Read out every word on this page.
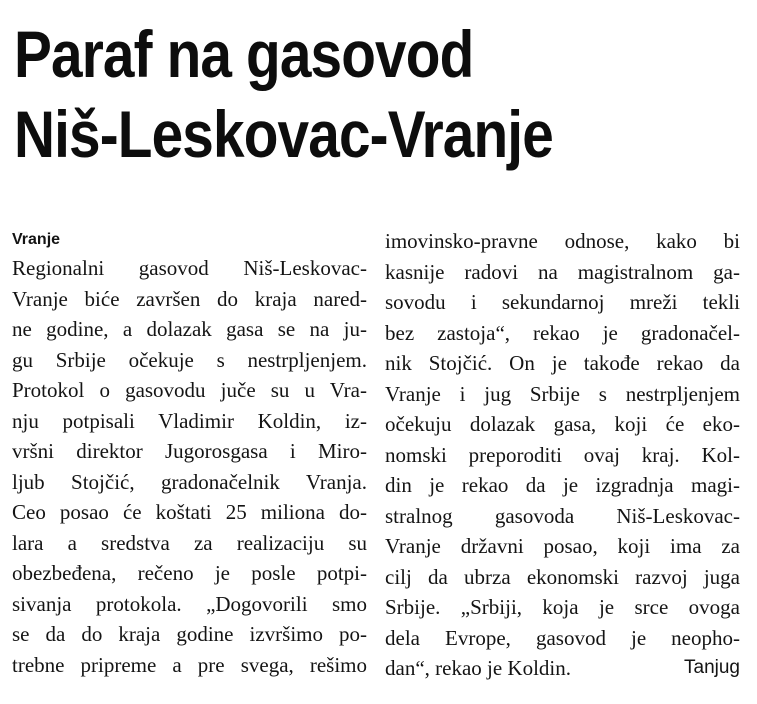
Paraf na gasovod
Niš-Leskovac-Vranje
Vranje
Regionalni gasovod Niš-Leskovac-
Vranje biće završen do kraja nared-
ne godine, a dolazak gasa se na ju-
gu Srbije očekuje s nestrpljenjem.
Protokol o gasovodu juče su u Vra-
nju potpisali Vladimir Koldin, iz-
vršni direktor Jugorosgasa i Miro-
ljub Stojčić, gradonačelnik Vranja.
Ceo posao će koštati 25 miliona do-
lara a sredstva za realizaciju su
obezbeđena, rečeno je posle potpi-
sivanja protokola. „Dogovorili smo
se da do kraja godine izvršimo po-
trebne pripreme a pre svega, rešimo
imovinsko-pravne odnose, kako bi
kasnije radovi na magistralnom ga-
sovodu i sekundarnoj mreži tekli
bez zastoja“, rekao je gradonačel-
nik Stojčić. On je takođe rekao da
Vranje i jug Srbije s nestrpljenjem
očekuju dolazak gasa, koji će eko-
nomski preporoditi ovaj kraj. Kol-
din je rekao da je izgradnja magi-
stralnog gasovoda Niš-Leskovac-
Vranje državni posao, koji ima za
cilj da ubrza ekonomski razvoj juga
Srbije. „Srbiji, koja je srce ovoga
dela Evrope, gasovod je neopho-
dan“, rekao je Koldin.	Tanjug
